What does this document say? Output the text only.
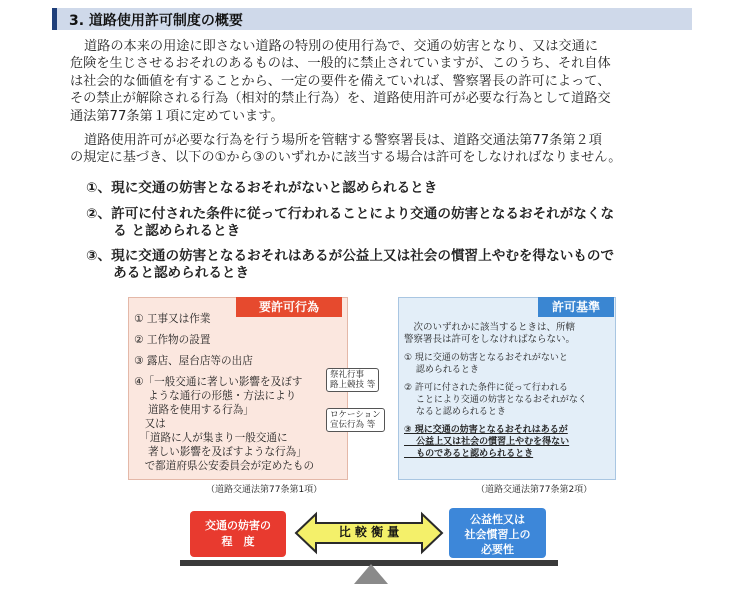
3. 道路使用許可制度の概要
道路の本来の用途に即さない道路の特別の使用行為で、交通の妨害となり、又は交通に
危険を生じさせるおそれのあるものは、一般的に禁止されていますが、このうち、それ自体
は社会的な価値を有することから、一定の要件を備えていれば、警察署長の許可によって、
その禁止が解除される行為（相対的禁止行為）を、道路使用許可が必要な行為として道路交
通法第77条第１項に定めています。
道路使用許可が必要な行為を行う場所を管轄する警察署長は、道路交通法第77条第２項
の規定に基づき、以下の①から③のいずれかに該当する場合は許可をしなければなりません。
①、現に交通の妨害となるおそれがないと認められるとき
②、許可に付された条件に従って行われることにより交通の妨害となるおそれがなくな
　　る と認められるとき
③、現に交通の妨害となるおそれはあるが公益上又は社会の慣習上やむを得ないもので
　　あると認められるとき
要許可行為
① 工事又は作業
② 工作物の設置
③ 露店、屋台店等の出店
④「一般交通に著しい影響を及ぼす
　 ような通行の形態・方法により
　 道路を使用する行為」
　又は
　「道路に人が集まり一般交通に
　 著しい影響を及ぼすような行為」
　で都道府県公安委員会が定めたもの
祭礼行事
路上競技 等
ロケーション
宣伝行為 等
（道路交通法第77条第1項）
許可基準
　次のいずれかに該当するときは、所轄
警察署長は許可をしなければならない。
① 現に交通の妨害となるおそれがないと
　 認められるとき
② 許可に付された条件に従って行われる
　 ことにより交通の妨害となるおそれがなく
　 なると認められるとき
③ 現に交通の妨害となるおそれはあるが
　 公益上又は社会の慣習上やむを得ない
　 ものであると認められるとき
（道路交通法第77条第2項）
交通の妨害の
程　度
比 較 衡 量
公益性又は
社会慣習上の
必要性
